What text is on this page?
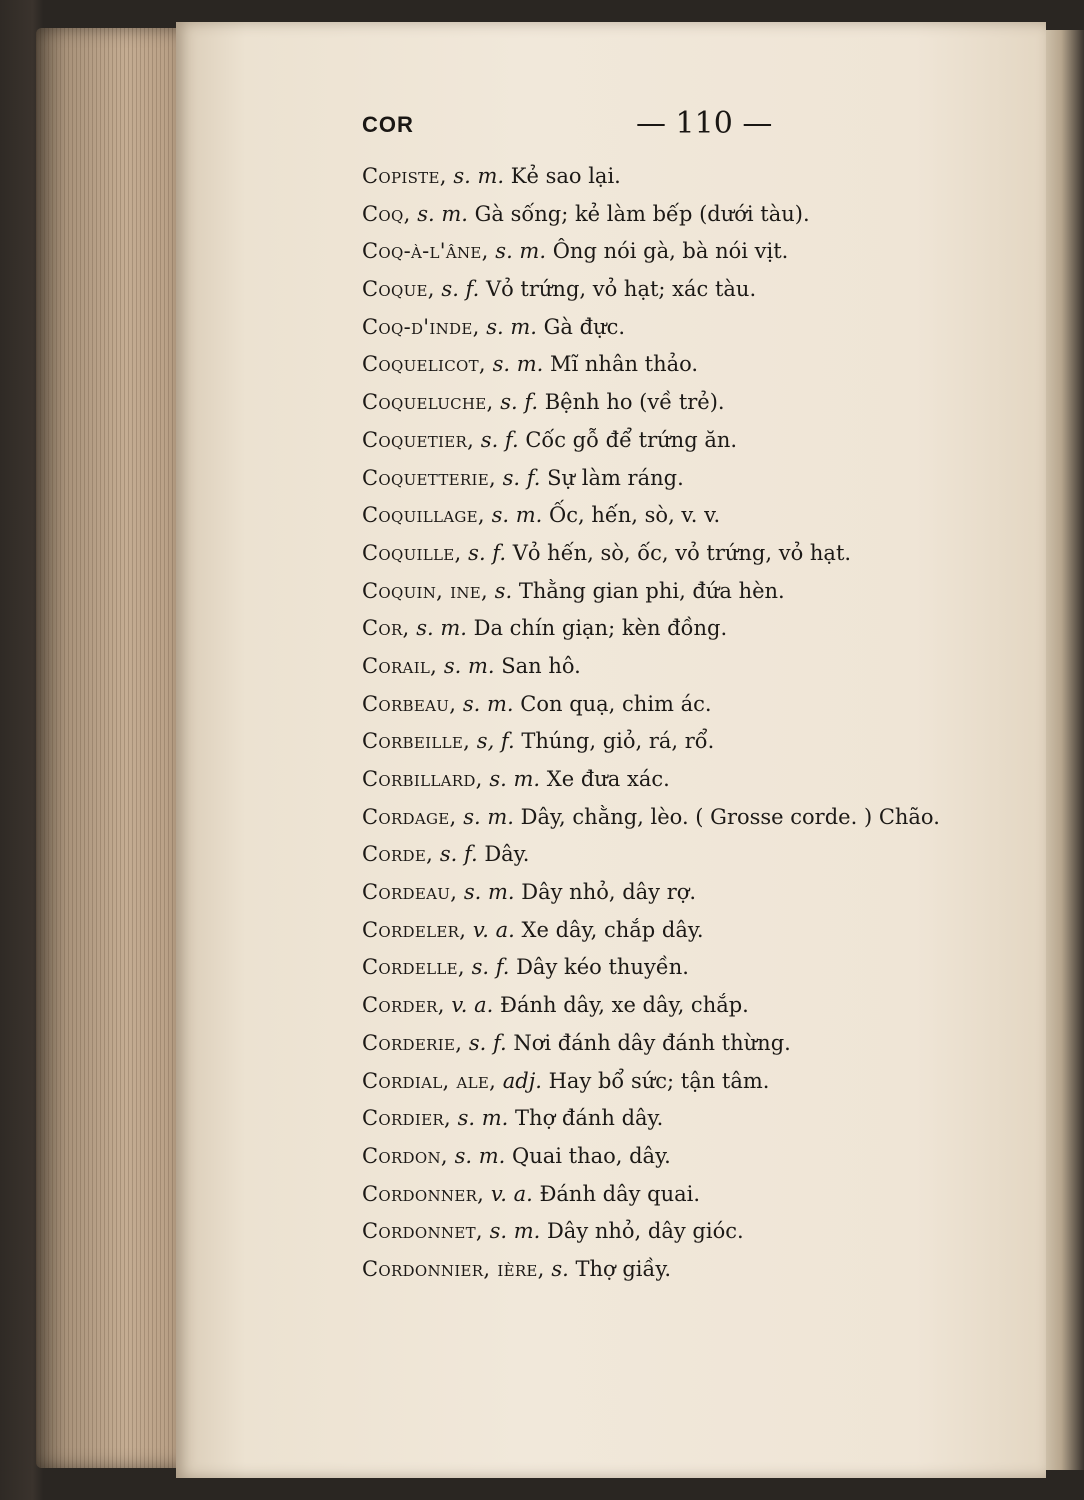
COR	— 110 —
Copiste, s. m. Kẻ sao lại.
Coq, s. m. Gà sống; kẻ làm bếp (dưới tàu).
Coq-à-l'âne, s. m. Ông nói gà, bà nói vịt.
Coque, s. f. Vỏ trứng, vỏ hạt; xác tàu.
Coq-d'inde, s. m. Gà đực.
Coquelicot, s. m. Mĩ nhân thảo.
Coqueluche, s. f. Bệnh ho (về trẻ).
Coquetier, s. f. Cốc gỗ để trứng ăn.
Coquetterie, s. f. Sự làm ráng.
Coquillage, s. m. Ốc, hến, sò, v. v.
Coquille, s. f. Vỏ hến, sò, ốc, vỏ trứng, vỏ hạt.
Coquin, ine, s. Thằng gian phi, đứa hèn.
Cor, s. m. Da chín giạn; kèn đồng.
Corail, s. m. San hô.
Corbeau, s. m. Con quạ, chim ác.
Corbeille, s, f. Thúng, giỏ, rá, rổ.
Corbillard, s. m. Xe đưa xác.
Cordage, s. m. Dây, chằng, lèo. ( Grosse corde. ) Chão.
Corde, s. f. Dây.
Cordeau, s. m. Dây nhỏ, dây rợ.
Cordeler, v. a. Xe dây, chắp dây.
Cordelle, s. f. Dây kéo thuyền.
Corder, v. a. Đánh dây, xe dây, chắp.
Corderie, s. f. Nơi đánh dây đánh thừng.
Cordial, ale, adj. Hay bổ sức; tận tâm.
Cordier, s. m. Thợ đánh dây.
Cordon, s. m. Quai thao, dây.
Cordonner, v. a. Đánh dây quai.
Cordonnet, s. m. Dây nhỏ, dây gióc.
Cordonnier, ière, s. Thợ giầy.
